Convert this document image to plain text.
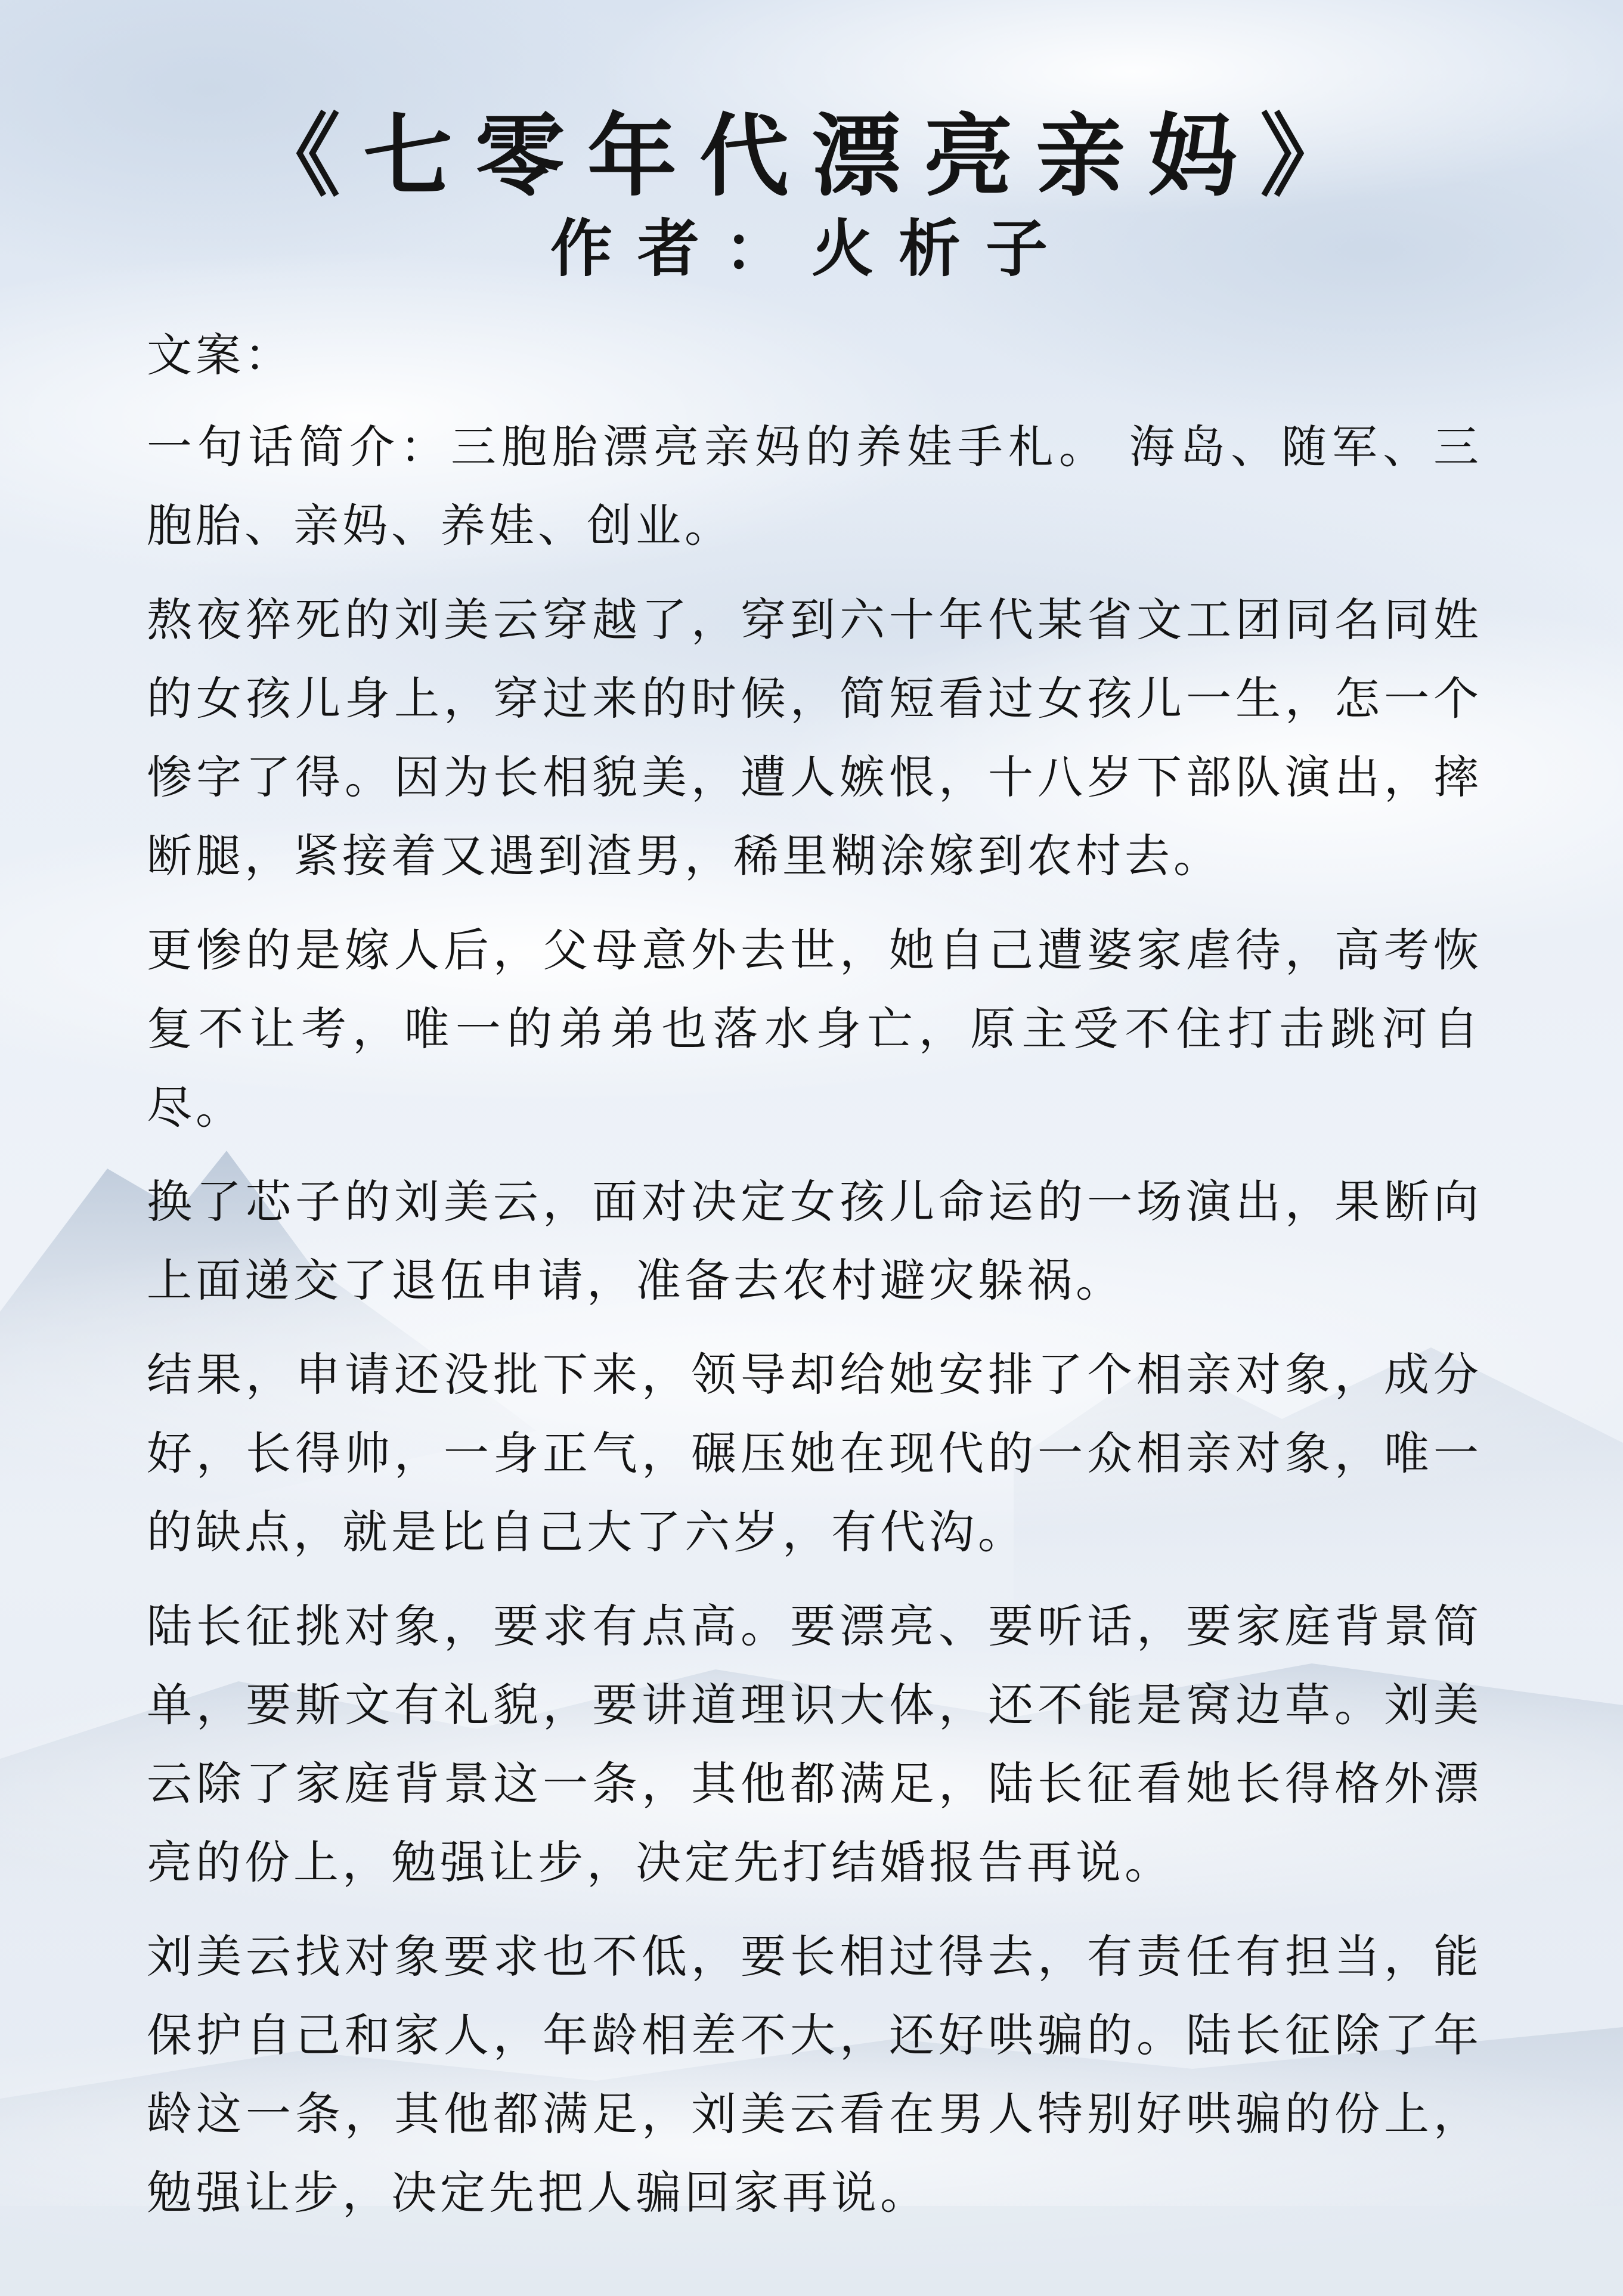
《七零年代漂亮亲妈》
作者：火析子
文案：

一句话简介：三胞胎漂亮亲妈的养娃手札。 海岛、随军、三胞胎、亲妈、养娃、创业。

熬夜猝死的刘美云穿越了，穿到六十年代某省文工团同名同姓的女孩儿身上，穿过来的时候，简短看过女孩儿一生，怎一个惨字了得。因为长相貌美，遭人嫉恨，十八岁下部队演出，摔断腿，紧接着又遇到渣男，稀里糊涂嫁到农村去。

更惨的是嫁人后，父母意外去世，她自己遭婆家虐待，高考恢复不让考，唯一的弟弟也落水身亡，原主受不住打击跳河自尽。

换了芯子的刘美云，面对决定女孩儿命运的一场演出，果断向上面递交了退伍申请，准备去农村避灾躲祸。

结果，申请还没批下来，领导却给她安排了个相亲对象，成分好，长得帅，一身正气，碾压她在现代的一众相亲对象，唯一的缺点，就是比自己大了六岁，有代沟。

陆长征挑对象，要求有点高。要漂亮、要听话，要家庭背景简单，要斯文有礼貌，要讲道理识大体，还不能是窝边草。刘美云除了家庭背景这一条，其他都满足，陆长征看她长得格外漂亮的份上，勉强让步，决定先打结婚报告再说。

刘美云找对象要求也不低，要长相过得去，有责任有担当，能保护自己和家人，年龄相差不大，还好哄骗的。陆长征除了年龄这一条，其他都满足，刘美云看在男人特别好哄骗的份上，勉强让步，决定先把人骗回家再说。
